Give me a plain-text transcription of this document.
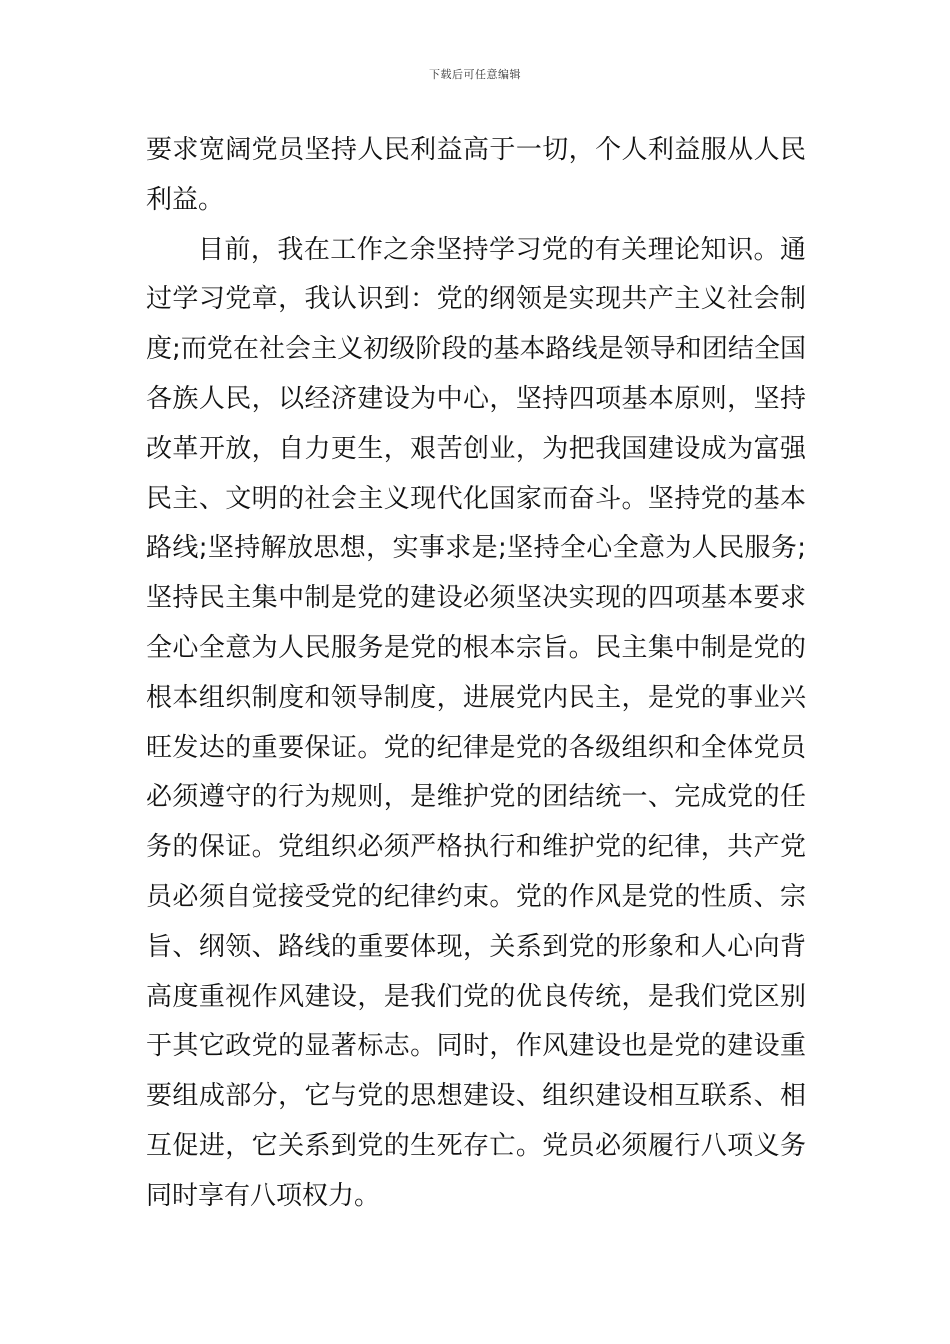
下载后可任意编辑
要求宽阔党员坚持人民利益高于一切，个人利益服从人民
利益。
目前，我在工作之余坚持学习党的有关理论知识。通
过学习党章，我认识到：党的纲领是实现共产主义社会制
度;而党在社会主义初级阶段的基本路线是领导和团结全国
各族人民，以经济建设为中心，坚持四项基本原则，坚持
改革开放，自力更生，艰苦创业，为把我国建设成为富强
民主、文明的社会主义现代化国家而奋斗。坚持党的基本
路线;坚持解放思想，实事求是;坚持全心全意为人民服务;
坚持民主集中制是党的建设必须坚决实现的四项基本要求
全心全意为人民服务是党的根本宗旨。民主集中制是党的
根本组织制度和领导制度，进展党内民主，是党的事业兴
旺发达的重要保证。党的纪律是党的各级组织和全体党员
必须遵守的行为规则，是维护党的团结统一、完成党的任
务的保证。党组织必须严格执行和维护党的纪律，共产党
员必须自觉接受党的纪律约束。党的作风是党的性质、宗
旨、纲领、路线的重要体现，关系到党的形象和人心向背
高度重视作风建设，是我们党的优良传统，是我们党区别
于其它政党的显著标志。同时，作风建设也是党的建设重
要组成部分，它与党的思想建设、组织建设相互联系、相
互促进，它关系到党的生死存亡。党员必须履行八项义务
同时享有八项权力。
